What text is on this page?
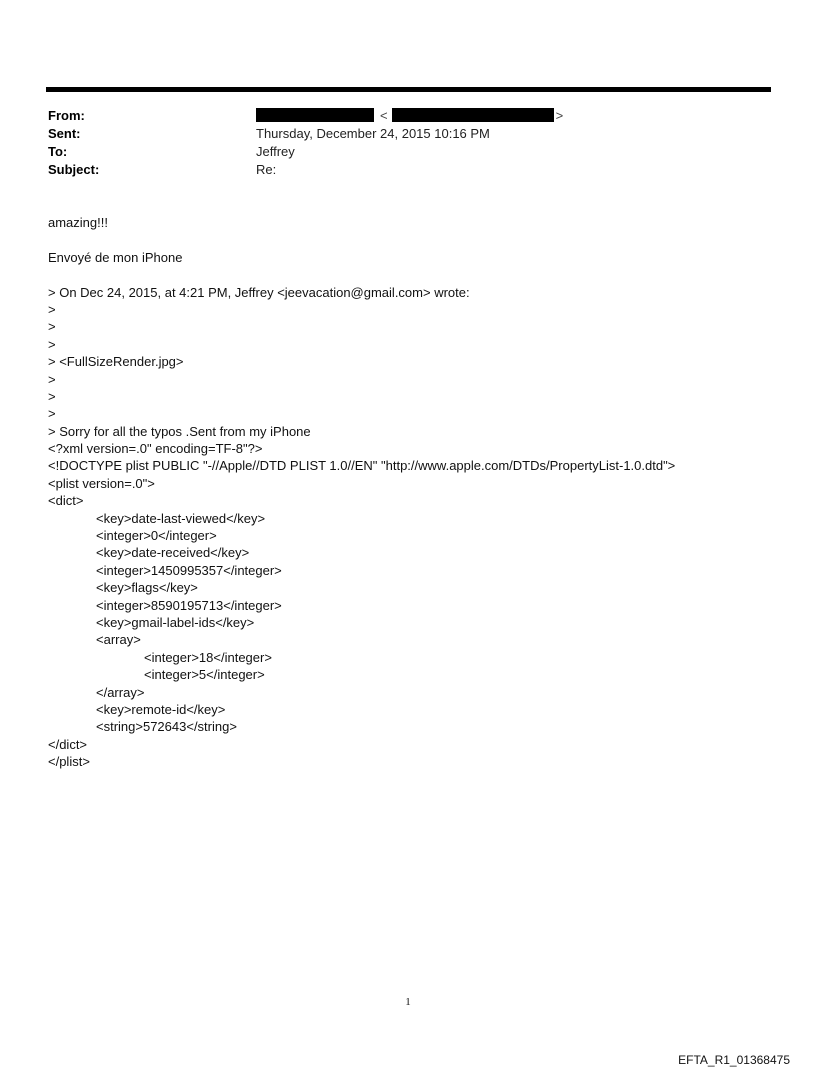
From:	<	>
Sent:	Thursday, December 24, 2015 10:16 PM
To:	Jeffrey
Subject:	Re:
amazing!!!
Envoyé de mon iPhone
> On Dec 24, 2015, at 4:21 PM, Jeffrey <jeevacation@gmail.com> wrote:
>
>
>
> <FullSizeRender.jpg>
>
>
>
> Sorry for all the typos .Sent from my iPhone
<?xml version=.0" encoding=TF-8"?>
<!DOCTYPE plist PUBLIC "-//Apple//DTD PLIST 1.0//EN" "http://www.apple.com/DTDs/PropertyList-1.0.dtd">
<plist version=.0">
<dict>
<key>date-last-viewed</key>
<integer>0</integer>
<key>date-received</key>
<integer>1450995357</integer>
<key>flags</key>
<integer>8590195713</integer>
<key>gmail-label-ids</key>
<array>
<integer>18</integer>
<integer>5</integer>
</array>
<key>remote-id</key>
<string>572643</string>
</dict>
</plist>
1
EFTA_R1_01368475
